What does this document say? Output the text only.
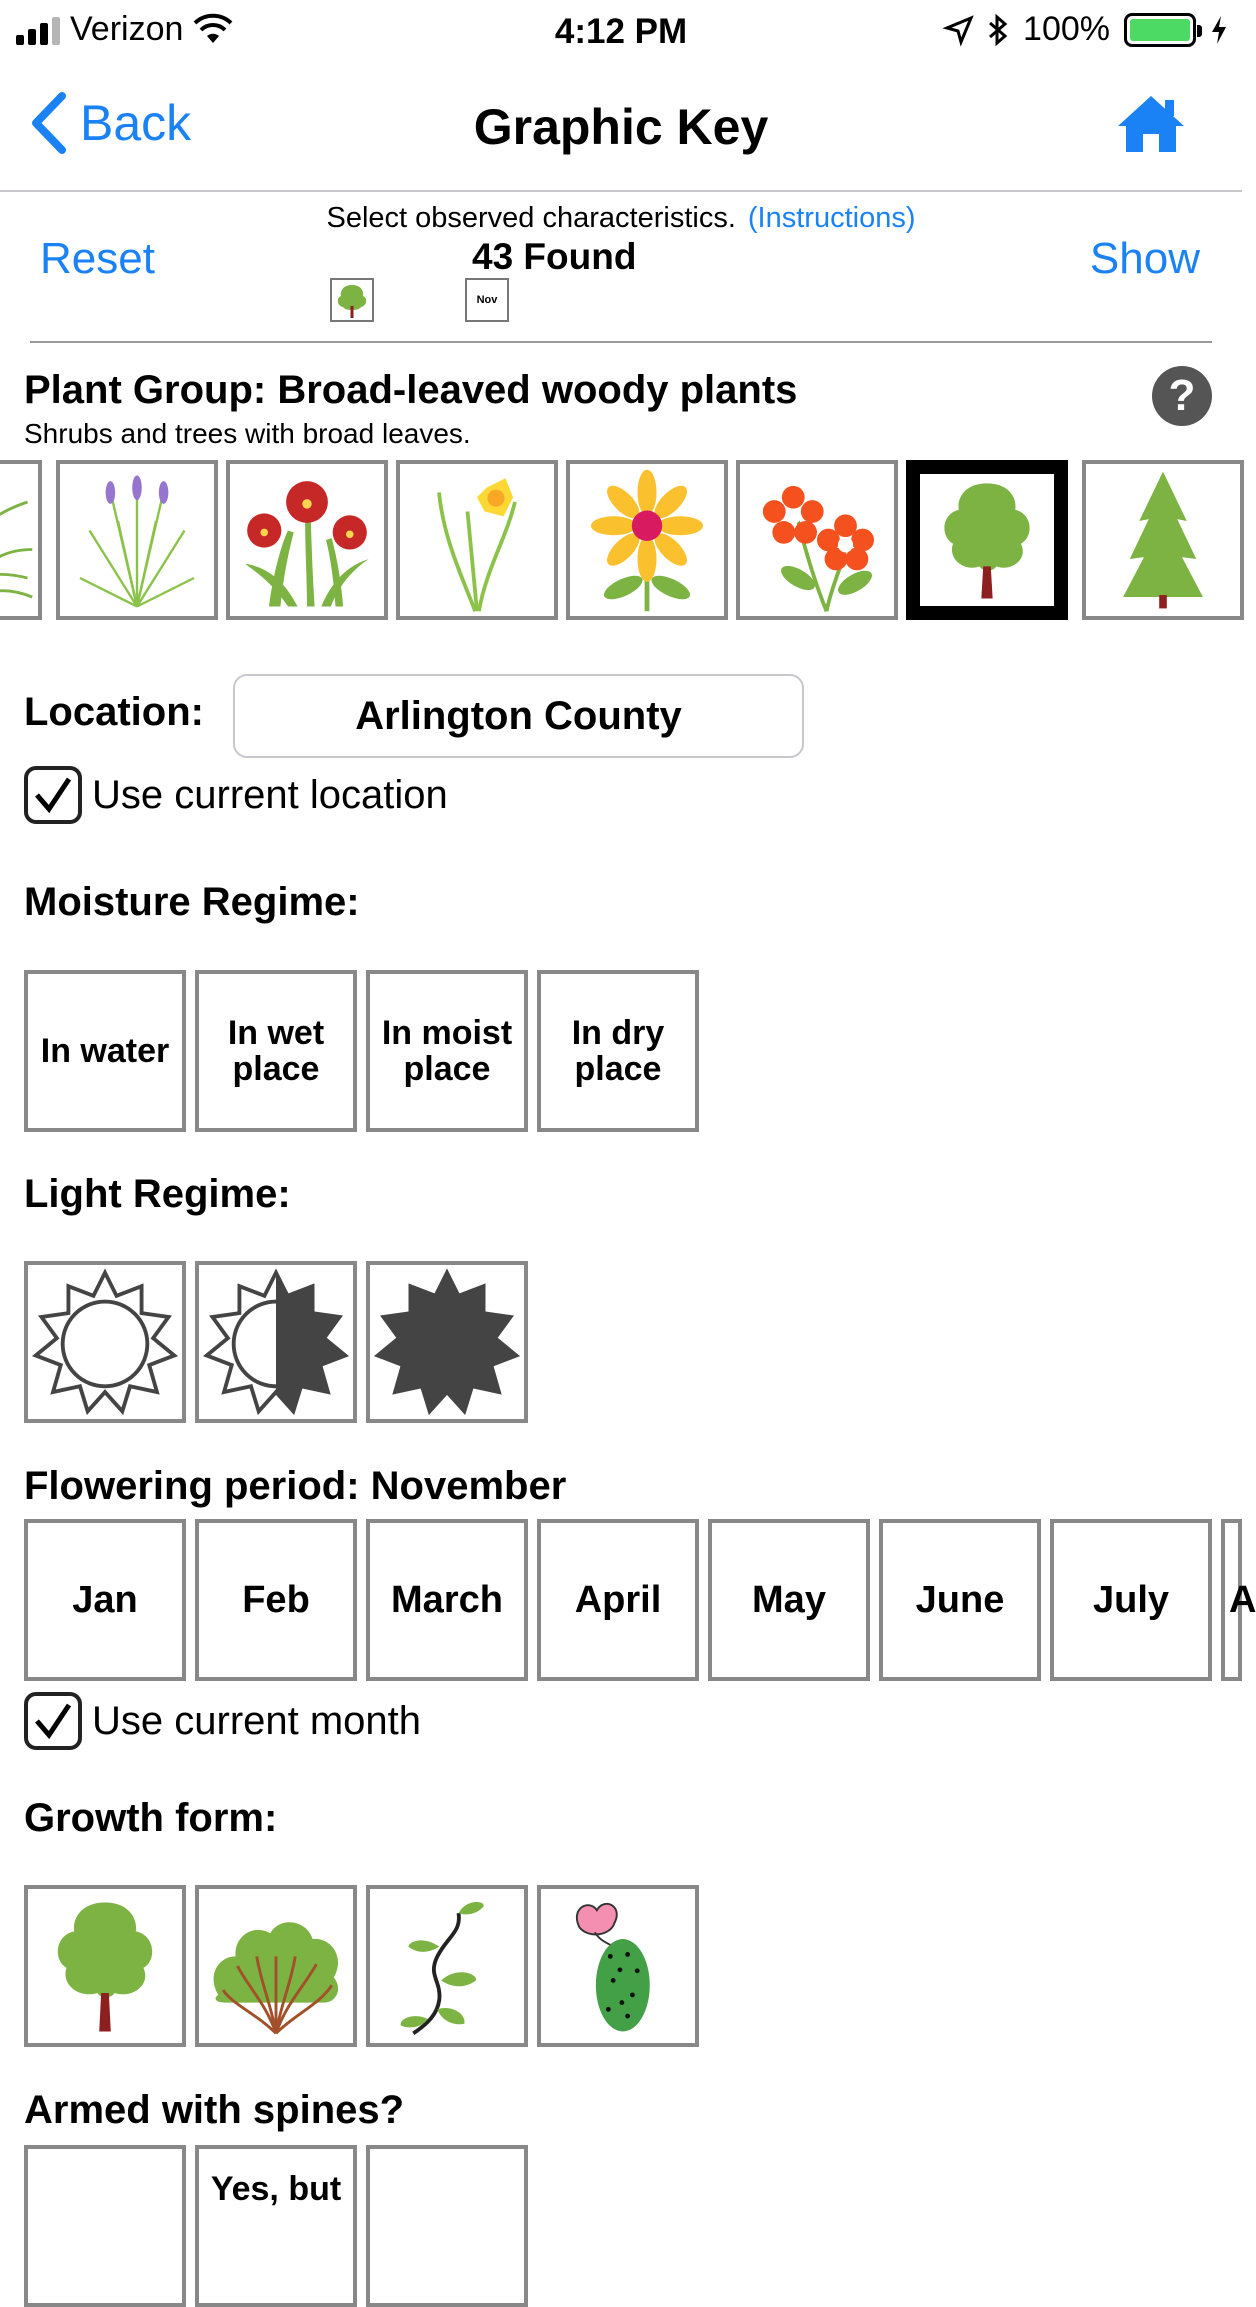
Verizon	4:12 PM	100%
Back	Graphic Key
Reset
Select observed characteristics. (Instructions)
43 Found
Nov
Show
Plant Group: Broad-leaved woody plants
Shrubs and trees with broad leaves.
?
Location:	Arlington County
Use current location
Moisture Regime:
In water	In wet place
In moist place
In dry place
Light Regime:
Flowering period: November
Jan	Feb	March	April	May	June	July	A
Use current month
Growth form:
Armed with spines?
Yes, but
